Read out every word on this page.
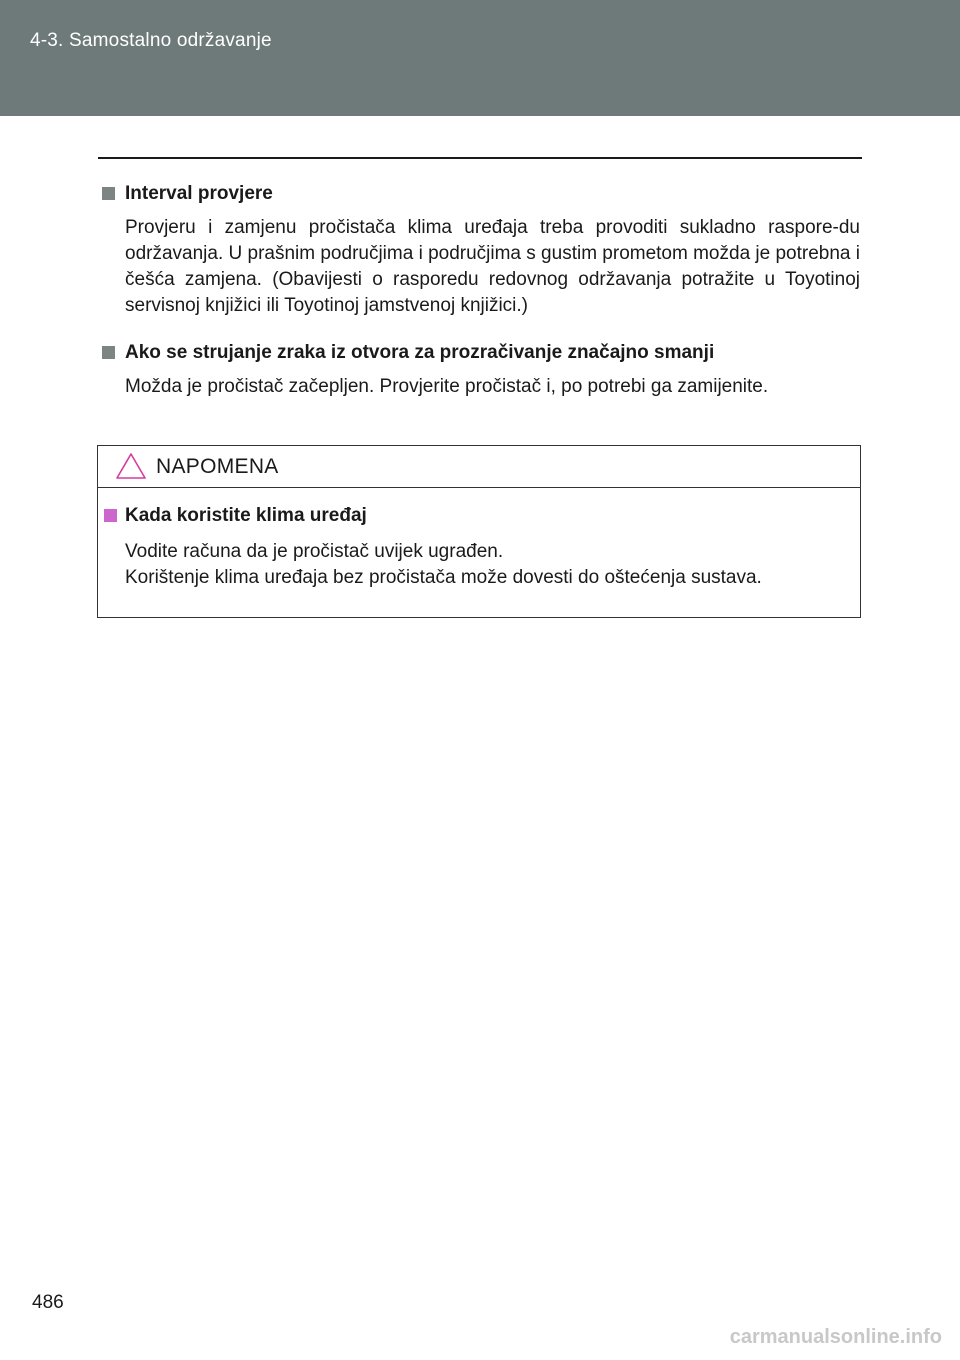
4-3. Samostalno održavanje
Interval provjere
Provjeru i zamjenu pročistača klima uređaja treba provoditi sukladno raspore-du održavanja. U prašnim područjima i područjima s gustim prometom možda je potrebna i češća zamjena. (Obavijesti o rasporedu redovnog održavanja potražite u Toyotinoj servisnoj knjižici ili Toyotinoj jamstvenoj knjižici.)
Ako se strujanje zraka iz otvora za prozračivanje značajno smanji
Možda je pročistač začepljen. Provjerite pročistač i, po potrebi ga zamijenite.
NAPOMENA
Kada koristite klima uređaj
Vodite računa da je pročistač uvijek ugrađen.
Korištenje klima uređaja bez pročistača može dovesti do oštećenja sustava.
486
carmanualsonline.info
